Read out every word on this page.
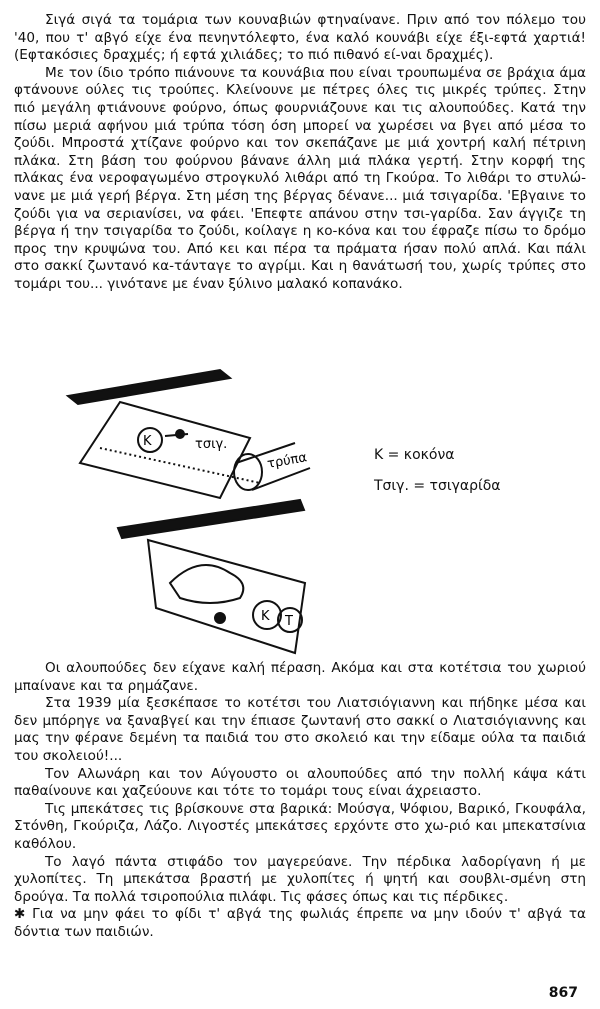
Σιγά σιγά τα τομάρια των κουναβιών φτηναίνανε. Πριν από τον πόλεμο του '40, που τ' αβγό είχε ένα πενηντόλεφτο, ένα καλό κουνάβι είχε έξι-εφτά χαρτιά! (Εφτακόσιες δραχμές; ή εφτά χιλιάδες; το πιό πιθανό εί-ναι δραχμές).

Με τον ίδιο τρόπο πιάνουνε τα κουνάβια που είναι τρουπωμένα σε βράχια άμα φτάνουνε ούλες τις τρούπες. Κλείνουνε με πέτρες όλες τις μικρές τρύπες. Στην πιό μεγάλη φτιάνουνε φούρνο, όπως φουρνιάζουνε και τις αλουπούδες. Κατά την πίσω μεριά αφήνου μιά τρύπα τόση όση μπορεί να χωρέσει να βγει από μέσα το ζούδι. Μπροστά χτίζανε φούρνο και τον σκεπάζανε με μιά χοντρή καλή πέτρινη πλάκα. Στη βάση του φούρνου βάνανε άλλη μιά πλάκα γερτή. Στην κορφή της πλάκας ένα νεροφαγωμένο στρογκυλό λιθάρι από τη Γκούρα. Το λιθάρι το στυλώ-νανε με μιά γερή βέργα. Στη μέση της βέργας δένανε... μιά τσιγαρίδα. 'Εβγαινε το ζούδι για να σεριανίσει, να φάει. 'Επεφτε απάνου στην τσι-γαρίδα. Σαν άγγιζε τη βέργα ή την τσιγαρίδα το ζούδι, κοίλαγε η κο-κόνα και του έφραζε πίσω το δρόμο προς την κρυψώνα του. Από κει και πέρα τα πράματα ήσαν πολύ απλά. Και πάλι στο σακκί ζωντανό κα-τάνταγε το αγρίμι. Και η θανάτωσή του, χωρίς τρύπες στο τομάρι του... γινότανε με έναν ξύλινο μαλακό κοπανάκο.

Κ	τσιγ.
τρύπα
Κ Τ
Κ = κοκόνα
Τσιγ. = τσιγαρίδα

Οι αλουπούδες δεν είχανε καλή πέραση. Ακόμα και στα κοτέτσια του χωριού μπαίνανε και τα ρημάζανε.

Στα 1939 μία ξεσκέπασε το κοτέτσι του Λιατσιόγιαννη και πήδηκε μέσα και δεν μπόρηγε να ξαναβγεί και την έπιασε ζωντανή στο σακκί ο Λιατσιόγιαννης και μας την φέρανε δεμένη τα παιδιά του στο σκολειό και την είδαμε ούλα τα παιδιά του σκολειού!...

Τον Αλωνάρη και τον Αύγουστο οι αλουπούδες από την πολλή κάψα κάτι παθαίνουνε και χαζεύουνε και τότε το τομάρι τους είναι άχρειαστο.

Τις μπεκάτσες τις βρίσκουνε στα βαρικά: Μούσγα, Ψόφιου, Βαρικό, Γκουφάλα, Στόνθη, Γκούριζα, Λάζο. Λιγοστές μπεκάτσες ερχόντε στο χω-ριό και μπεκατσίνια καθόλου.

Το λαγό πάντα στιφάδο τον μαγερεύανε. Την πέρδικα λαδορίγανη ή με χυλοπίτες. Τη μπεκάτσα βραστή με χυλοπίτες ή ψητή και σουβλι-σμένη στη δρούγα. Τα πολλά τσιροπούλια πιλάφι. Τις φάσες όπως και τις πέρδικες.

✱ Για να μην φάει το φίδι τ' αβγά της φωλιάς έπρεπε να μην ιδούν τ' αβγά τα δόντια των παιδιών.

867
